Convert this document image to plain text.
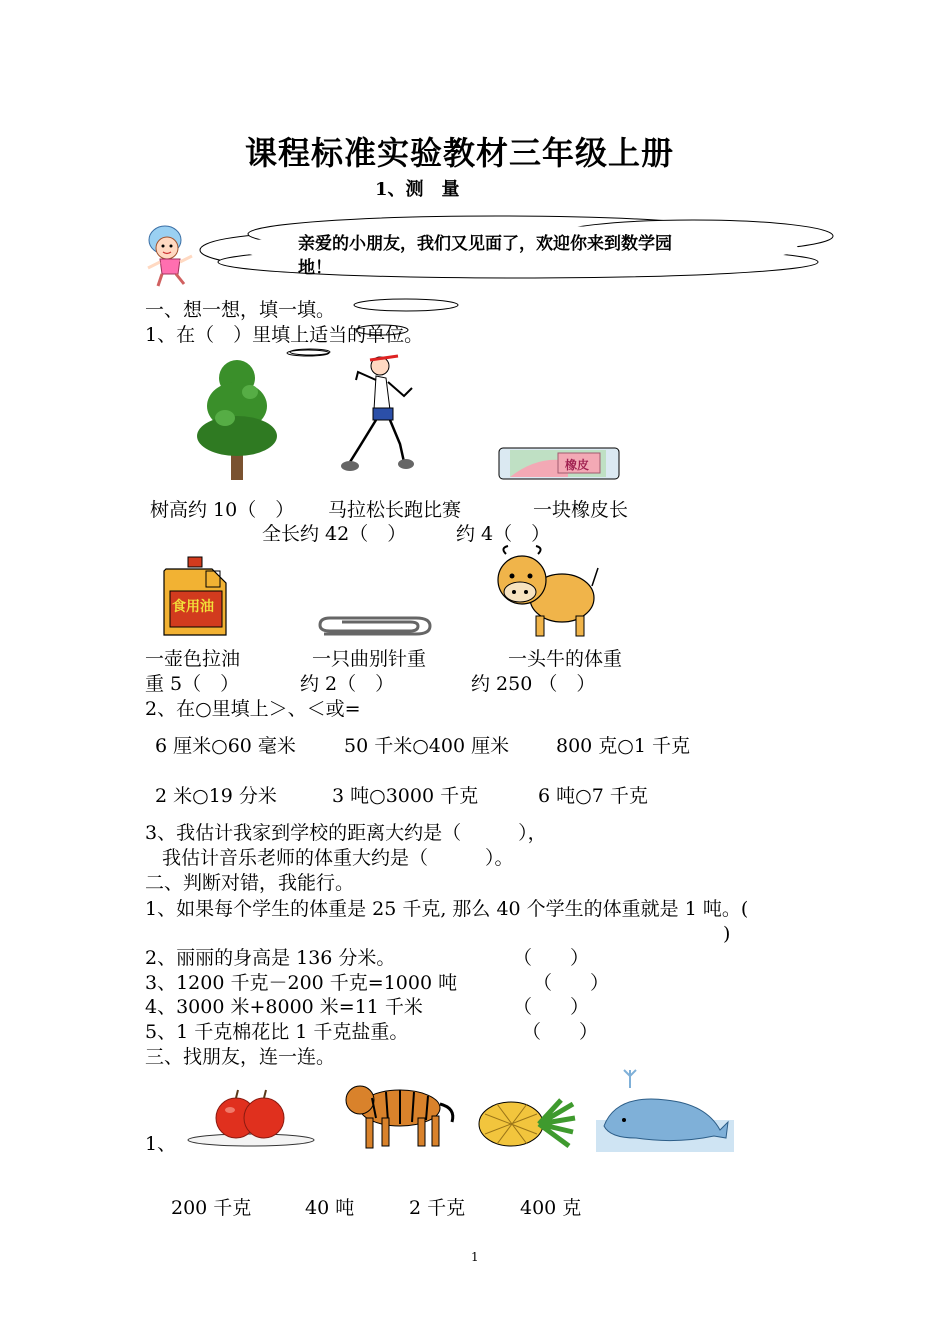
课程标准实验教材三年级上册
1、测　量
亲爱的小朋友，我们又见面了，欢迎你来到数学园地！
一、想一想，填一填。
1、在（　）里填上适当的单位。
橡皮
树高约 10（　） 马拉松长跑比赛	一块橡皮长
全长约 42（　）	约 4（　）
食用油
一壶色拉油	一只曲别针重	一头牛的体重
重 5（　）	约 2（　）	约 250 （　）
2、在○里填上＞、＜或=
6 厘米○60 毫米	50 千米○400 厘米 800 克○1 千克
2 米○19 分米	3 吨○3000 千克	6 吨○7 千克
3、我估计我家到学校的距离大约是（　　　），
我估计音乐老师的体重大约是（　　　）。
二、判断对错，我能行。
1、如果每个学生的体重是 25 千克, 那么 40 个学生的体重就是 1 吨。(
)
2、丽丽的身高是 136 分米。	（　　）
3、1200 千克－200 千克=1000 吨	（　　）
4、3000 米+8000 米=11 千米	（　　）
5、1 千克棉花比 1 千克盐重。	（　　）
三、找朋友，连一连。
1、
200 千克	40 吨	2 千克	400 克
1
